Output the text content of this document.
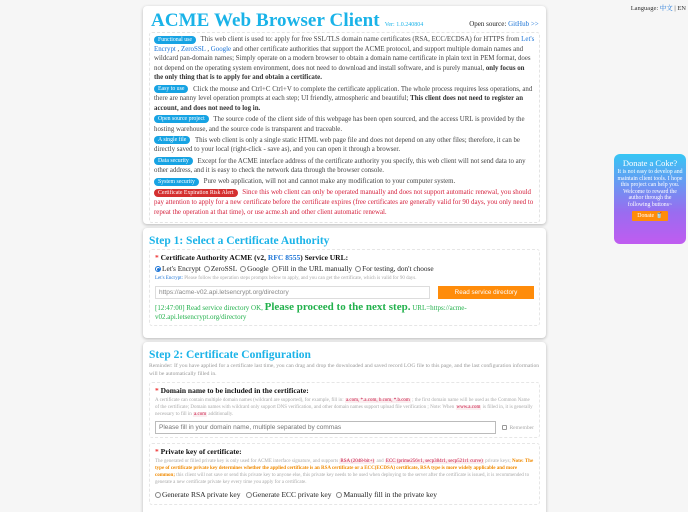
Language: 中文 | EN
ACME Web Browser Client Ver: 1.0.240804	Open source: GitHub >>
Functional use This web client is used to: apply for free SSL/TLS domain name certificates (RSA, ECC/ECDSA) for HTTPS from Let's Encrypt , ZeroSSL , Google and other certificate authorities that support the ACME protocol, and support multiple domain names and wildcard pan-domain names; Simply operate on a modern browser to obtain a domain name certificate in plain text in PEM format, does not depend on the operating system environment, does not need to download and install software, and is purely manual, only focus on the only thing that is to apply for and obtain a certificate.
Easy to use Click the mouse and Ctrl+C Ctrl+V to complete the certificate application. The whole process requires less operations, and there are nanny level operation prompts at each step; UI friendly, atmospheric and beautiful; This client does not need to register an account, and does not need to log in.
Open source project The source code of the client side of this webpage has been open sourced, and the access URL is provided by the hosting warehouse, and the source code is transparent and traceable.
A single file This web client is only a single static HTML web page file and does not depend on any other files; therefore, it can be directly saved to your local (right-click - save as), and you can open it through a browser.
Data security Except for the ACME interface address of the certificate authority you specify, this web client will not send data to any other address, and it is easy to check the network data through the browser console.
System security Pure web application, will not and cannot make any modification to your computer system.
Certificate Expiration Risk Alert Since this web client can only be operated manually and does not support automatic renewal, you should pay attention to apply for a new certificate before the certificate expires (free certificates are generally valid for 90 days, you only need to repeat the operation at that time), or use acme.sh and other client automatic renewal.
Step 1: Select a Certificate Authority
* Certificate Authority ACME (v2, RFC 8555) Service URL:
Let's Encrypt ZeroSSL Google Fill in the URL manually For testing, don't choose
Let's Encrypt: Please follow the operation steps prompts below to apply, and you can get the certificate, which is valid for 90 days.
https://acme-v02.api.letsencrypt.org/directory
Read service directory
[12:47:00] Read service directory OK, Please proceed to the next step. URL=https://acme-v02.api.letsencrypt.org/directory
Step 2: Certificate Configuration
Reminder: If you have applied for a certificate last time, you can drag and drop the downloaded and saved record LOG file to this page, and the last configuration information will be automatically filled in.
* Domain name to be included in the certificate:
A certificate can contain multiple domain names (wildcard are supported), for example, fill in: a.com, *.a.com, b.com, *.b.com ; the first domain name will be used as the Common Name of the certificate; Domain names with wildcard only support DNS verification, and other domain names support upload file verification ; Note: When www.a.com is filled in, it is generally necessary to fill in a.com additionally.
Please fill in your domain name, multiple separated by commas
Remember
* Private key of certificate:
The generated or filled private key is only used for ACME interface signature, and supports RSA (2048-bit+) and ECC (prime256v1, secp384r1, secp521r1 curve) private keys; Note: The type of certificate private key determines whether the applied certificate is an RSA certificate or a ECC(ECDSA) certificate, RSA type is more widely applicable and more common; this client will not save or send this private key to anyone else, this private key needs to be used when deploying to the server after the certificate is issued, it is recommended to generate a new certificate private key every time you apply for a certificate.
Generate RSA private key Generate ECC private key Manually fill in the private key
Donate a Coke?
It is not easy to develop and maintain client tools. I hope this project can help you. Welcome to reward the author through the following buttons~
Donate 🥤
